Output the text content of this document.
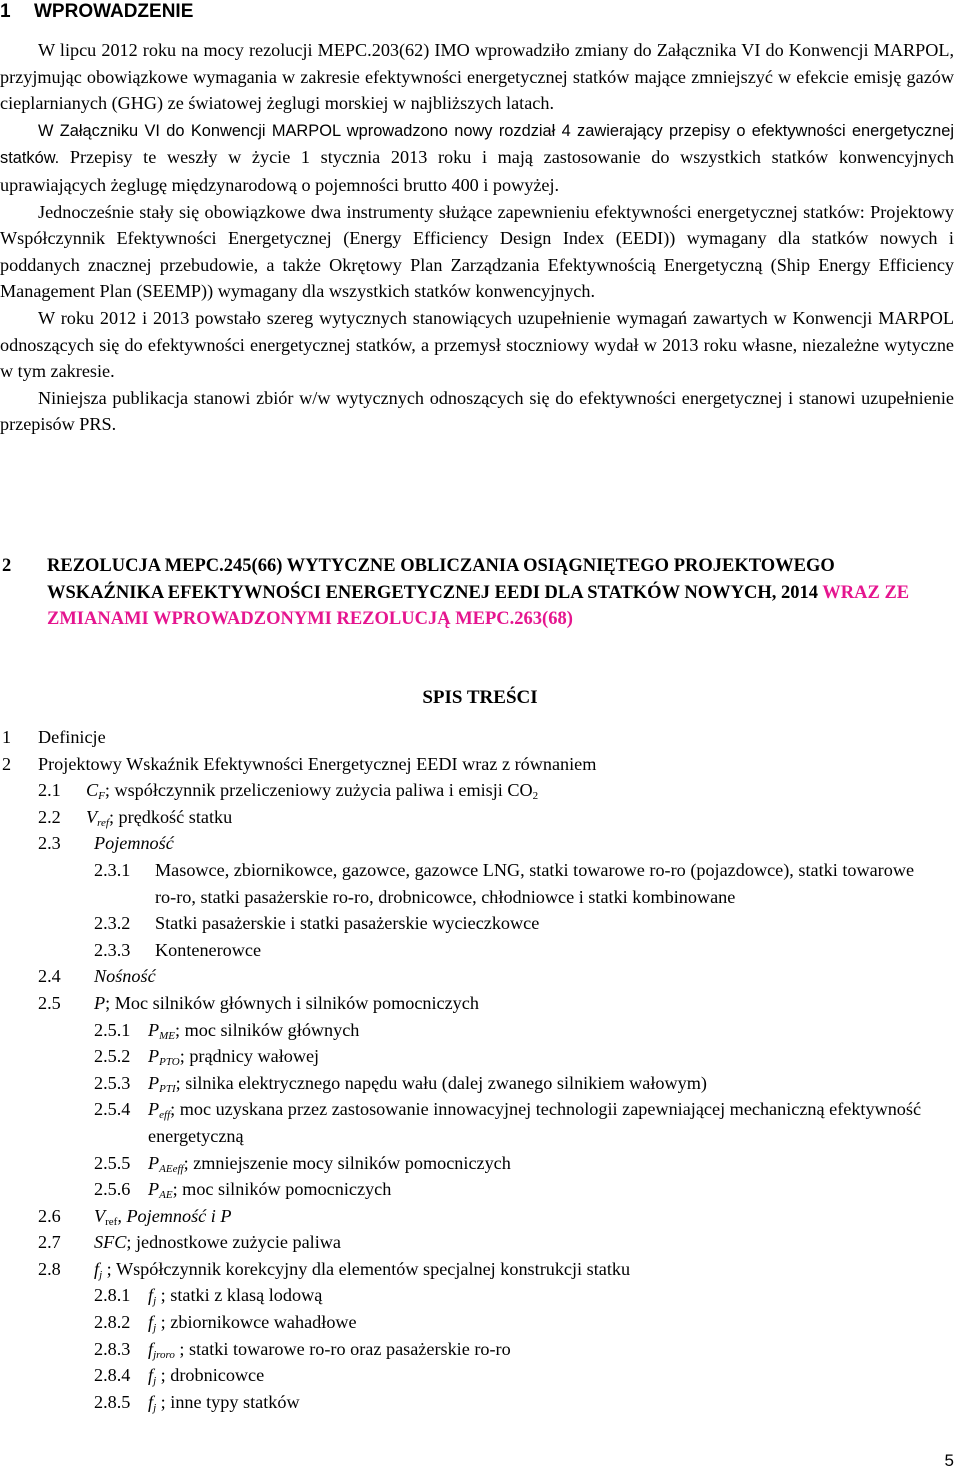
1 WPROWADZENIE

W lipcu 2012 roku na mocy rezolucji MEPC.203(62) IMO wprowadziło zmiany do Załącznika VI do Konwencji MARPOL, przyjmując obowiązkowe wymagania w zakresie efektywności energetycznej statków mające zmniejszyć w efekcie emisję gazów cieplarnianych (GHG) ze światowej żeglugi morskiej w najbliższych latach.

W Załączniku VI do Konwencji MARPOL wprowadzono nowy rozdział 4 zawierający przepisy o efektywności energetycznej statków. Przepisy te weszły w życie 1 stycznia 2013 roku i mają zastosowanie do wszystkich statków konwencyjnych uprawiających żeglugę międzynarodową o pojemności brutto 400 i powyżej.

Jednocześnie stały się obowiązkowe dwa instrumenty służące zapewnieniu efektywności energetycznej statków: Projektowy Współczynnik Efektywności Energetycznej (Energy Efficiency Design Index (EEDI)) wymagany dla statków nowych i poddanych znacznej przebudowie, a także Okrętowy Plan Zarządzania Efektywnością Energetyczną (Ship Energy Efficiency Management Plan (SEEMP)) wymagany dla wszystkich statków konwencyjnych.

W roku 2012 i 2013 powstało szereg wytycznych stanowiących uzupełnienie wymagań zawartych w Konwencji MARPOL odnoszących się do efektywności energetycznej statków, a przemysł stoczniowy wydał w 2013 roku własne, niezależne wytyczne w tym zakresie.

Niniejsza publikacja stanowi zbiór w/w wytycznych odnoszących się do efektywności energetycznej i stanowi uzupełnienie przepisów PRS.

2 REZOLUCJA MEPC.245(66) WYTYCZNE OBLICZANIA OSIĄGNIĘTEGO PROJEKTOWEGO WSKAŹNIKA EFEKTYWNOŚCI ENERGETYCZNEJ EEDI DLA STATKÓW NOWYCH, 2014 WRAZ ZE ZMIANAMI WPROWADZONYMI REZOLUCJĄ MEPC.263(68)
SPIS TREŚCI
1 Definicje
2 Projektowy Wskaźnik Efektywności Energetycznej EEDI wraz z równaniem
2.1 $C_F$; współczynnik przeliczeniowy zużycia paliwa i emisji $CO_2$
2.2 $V_{ref}$; prędkość statku
2.3 Pojemność
2.3.1 Masowce, zbiornikowce, gazowce, gazowce LNG, statki towarowe ro-ro (pojazdowce), statki towarowe ro-ro, statki pasażerskie ro-ro, drobnicowce, chłodniowce i statki kombinowane
2.3.2 Statki pasażerskie i statki pasażerskie wycieczkowce
2.3.3 Kontenerowce
2.4 Nośność
2.5 P; Moc silników głównych i silników pomocniczych
2.5.1 $P_{ME}$; moc silników głównych
2.5.2 $P_{PTO}$; prądnicy wałowej
2.5.3 $P_{PTI}$; silnika elektrycznego napędu wału (dalej zwanego silnikiem wałowym)
2.5.4 $P_{eff}$; moc uzyskana przez zastosowanie innowacyjnej technologii zapewniającej mechaniczną efektywność energetyczną
2.5.5 $P_{AEeff}$; zmniejszenie mocy silników pomocniczych
2.5.6 $P_{AE}$; moc silników pomocniczych
2.6 $V_{ref}$, Pojemność i P
2.7 SFC; jednostkowe zużycie paliwa
2.8 $f_j$ ; Współczynnik korekcyjny dla elementów specjalnej konstrukcji statku
2.8.1 $f_j$ ; statki z klasą lodową
2.8.2 $f_j$ ; zbiornikowce wahadłowe
2.8.3 $f_{jroro}$ ; statki towarowe ro-ro oraz pasażerskie ro-ro
2.8.4 $f_j$ ; drobnicowce
2.8.5 $f_j$ ; inne typy statków
5
